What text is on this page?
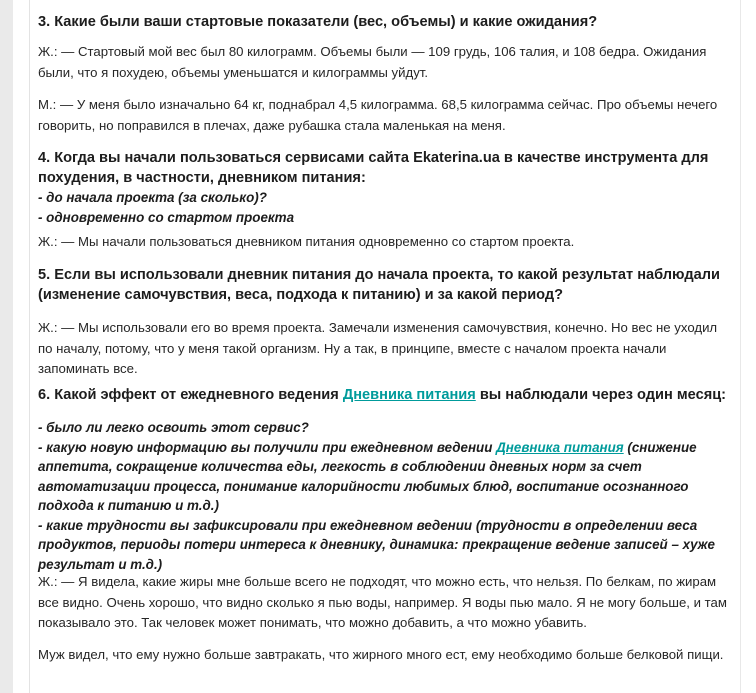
3. Какие были ваши стартовые показатели (вес, объемы) и какие ожидания?

Ж.: — Стартовый мой вес был 80 килограмм. Объемы были — 109 грудь, 106 талия, и 108 бедра. Ожидания были, что я похудею, объемы уменьшатся и килограммы уйдут.

М.: — У меня было изначально 64 кг, поднабрал 4,5 килограмма. 68,5 килограмма сейчас. Про объемы нечего говорить, но поправился в плечах, даже рубашка стала маленькая на меня.

4. Когда вы начали пользоваться сервисами сайта Ekaterina.ua в качестве инструмента для похудения, в частности, дневником питания:

- до начала проекта (за сколько)?

- одновременно со стартом проекта

Ж.: — Мы начали пользоваться дневником питания одновременно со стартом проекта.

5. Если вы использовали дневник питания до начала проекта, то какой результат наблюдали (изменение самочувствия, веса, подхода к питанию) и за какой период?

Ж.: — Мы использовали его во время проекта. Замечали изменения самочувствия, конечно. Но вес не уходил по началу, потому, что у меня такой организм. Ну а так, в принципе, вместе с началом проекта начали запоминать все.

6. Какой эффект от ежедневного ведения Дневника питания вы наблюдали через один месяц:

- было ли легко освоить этот сервис?

- какую новую информацию вы получили при ежедневном ведении Дневника питания (снижение аппетита, сокращение количества еды, легкость в соблюдении дневных норм за счет автоматизации процесса, понимание калорийности любимых блюд, воспитание осознанного подхода к питанию и т.д.)

- какие трудности вы зафиксировали при ежедневном ведении (трудности в определении веса продуктов, периоды потери интереса к дневнику, динамика: прекращение ведение записей – хуже результат и т.д.)

Ж.: — Я видела, какие жиры мне больше всего не подходят, что можно есть, что нельзя. По белкам, по жирам все видно. Очень хорошо, что видно сколько я пью воды, например. Я воды пью мало. Я не могу больше, и там показывало это. Так человек может понимать, что можно добавить, а что можно убавить.

Муж видел, что ему нужно больше завтракать, что жирного много ест, ему необходимо больше белковой пищи.
